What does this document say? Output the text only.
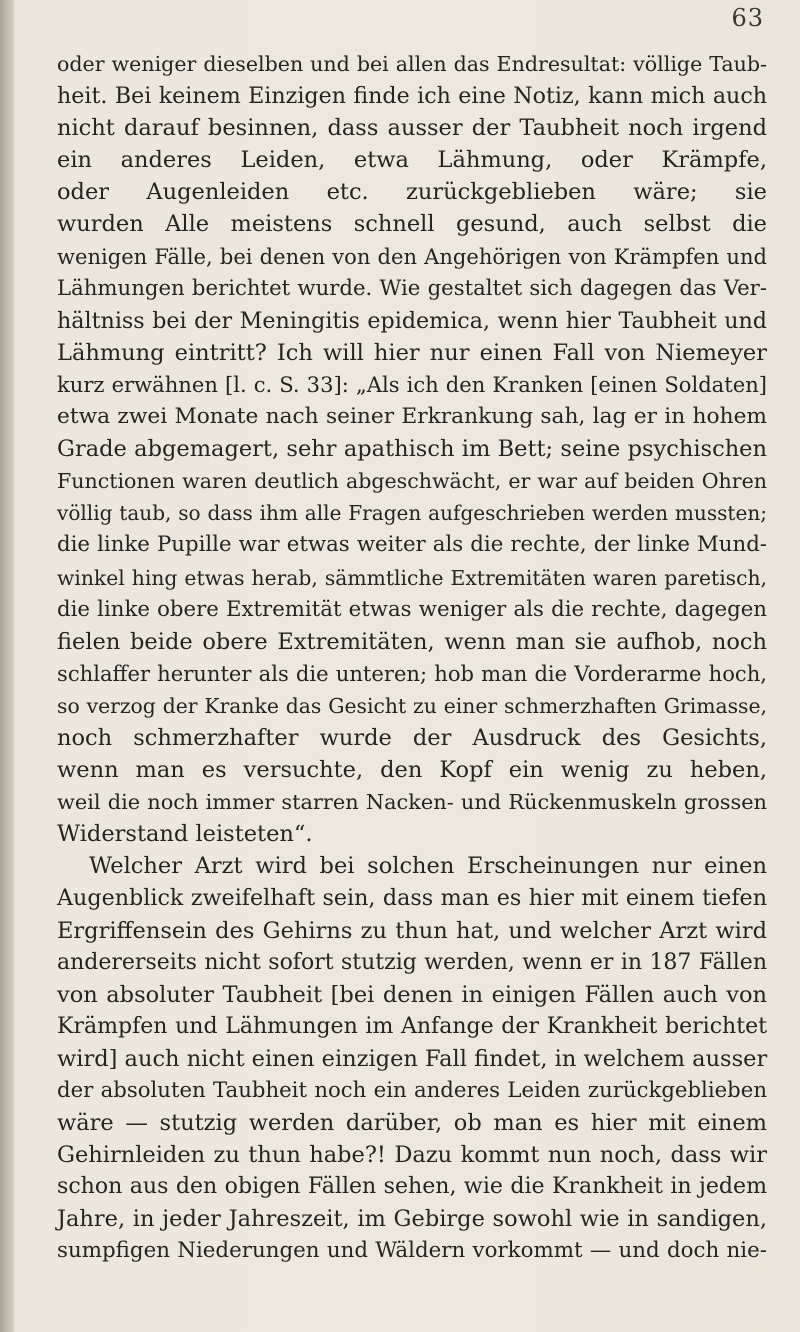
63
oder weniger dieselben und bei allen das Endresultat: völlige Taub-
heit. Bei keinem Einzigen finde ich eine Notiz, kann mich auch
nicht darauf besinnen, dass ausser der Taubheit noch irgend
ein anderes Leiden, etwa Lähmung, oder Krämpfe,
oder Augenleiden etc. zurückgeblieben wäre; sie
wurden Alle meistens schnell gesund, auch selbst die
wenigen Fälle, bei denen von den Angehörigen von Krämpfen und
Lähmungen berichtet wurde. Wie gestaltet sich dagegen das Ver-
hältniss bei der Meningitis epidemica, wenn hier Taubheit und
Lähmung eintritt? Ich will hier nur einen Fall von Niemeyer
kurz erwähnen [l. c. S. 33]: „Als ich den Kranken [einen Soldaten]
etwa zwei Monate nach seiner Erkrankung sah, lag er in hohem
Grade abgemagert, sehr apathisch im Bett; seine psychischen
Functionen waren deutlich abgeschwächt, er war auf beiden Ohren
völlig taub, so dass ihm alle Fragen aufgeschrieben werden mussten;
die linke Pupille war etwas weiter als die rechte, der linke Mund-
winkel hing etwas herab, sämmtliche Extremitäten waren paretisch,
die linke obere Extremität etwas weniger als die rechte, dagegen
fielen beide obere Extremitäten, wenn man sie aufhob, noch
schlaffer herunter als die unteren; hob man die Vorderarme hoch,
so verzog der Kranke das Gesicht zu einer schmerzhaften Grimasse,
noch schmerzhafter wurde der Ausdruck des Gesichts,
wenn man es versuchte, den Kopf ein wenig zu heben,
weil die noch immer starren Nacken- und Rückenmuskeln grossen
Widerstand leisteten“.
Welcher Arzt wird bei solchen Erscheinungen nur einen
Augenblick zweifelhaft sein, dass man es hier mit einem tiefen
Ergriffensein des Gehirns zu thun hat, und welcher Arzt wird
andererseits nicht sofort stutzig werden, wenn er in 187 Fällen
von absoluter Taubheit [bei denen in einigen Fällen auch von
Krämpfen und Lähmungen im Anfange der Krankheit berichtet
wird] auch nicht einen einzigen Fall findet, in welchem ausser
der absoluten Taubheit noch ein anderes Leiden zurückgeblieben
wäre — stutzig werden darüber, ob man es hier mit einem
Gehirnleiden zu thun habe?! Dazu kommt nun noch, dass wir
schon aus den obigen Fällen sehen, wie die Krankheit in jedem
Jahre, in jeder Jahreszeit, im Gebirge sowohl wie in sandigen,
sumpfigen Niederungen und Wäldern vorkommt — und doch nie-
